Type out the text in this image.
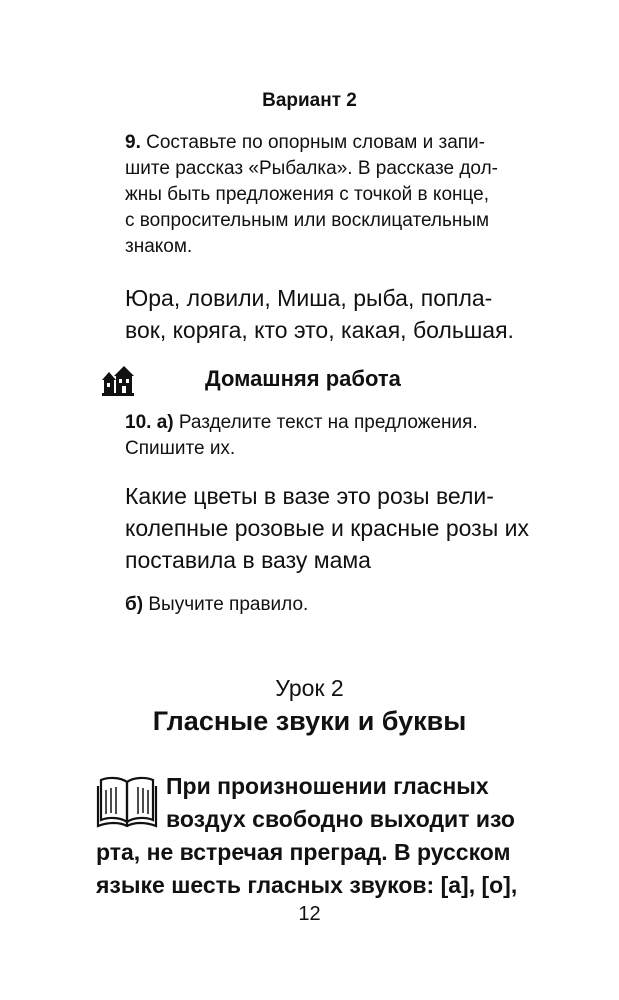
Вариант 2
9. Составьте по опорным словам и запи-
шите рассказ «Рыбалка». В рассказе дол-
жны быть предложения с точкой в конце,
с вопросительным или восклицательным
знаком.
Юра, ловили, Миша, рыба, попла-
вок, коряга, кто это, какая, большая.
Домашняя работа
10. а) Разделите текст на предложения.
Спишите их.
Какие цветы в вазе это розы вели-
колепные розовые и красные розы их
поставила в вазу мама
б) Выучите правило.
Урок 2
Гласные звуки и буквы
При произношении гласных
воздух свободно выходит изо
рта, не встречая преград. В русском
языке шесть гласных звуков: [а], [о],
12
